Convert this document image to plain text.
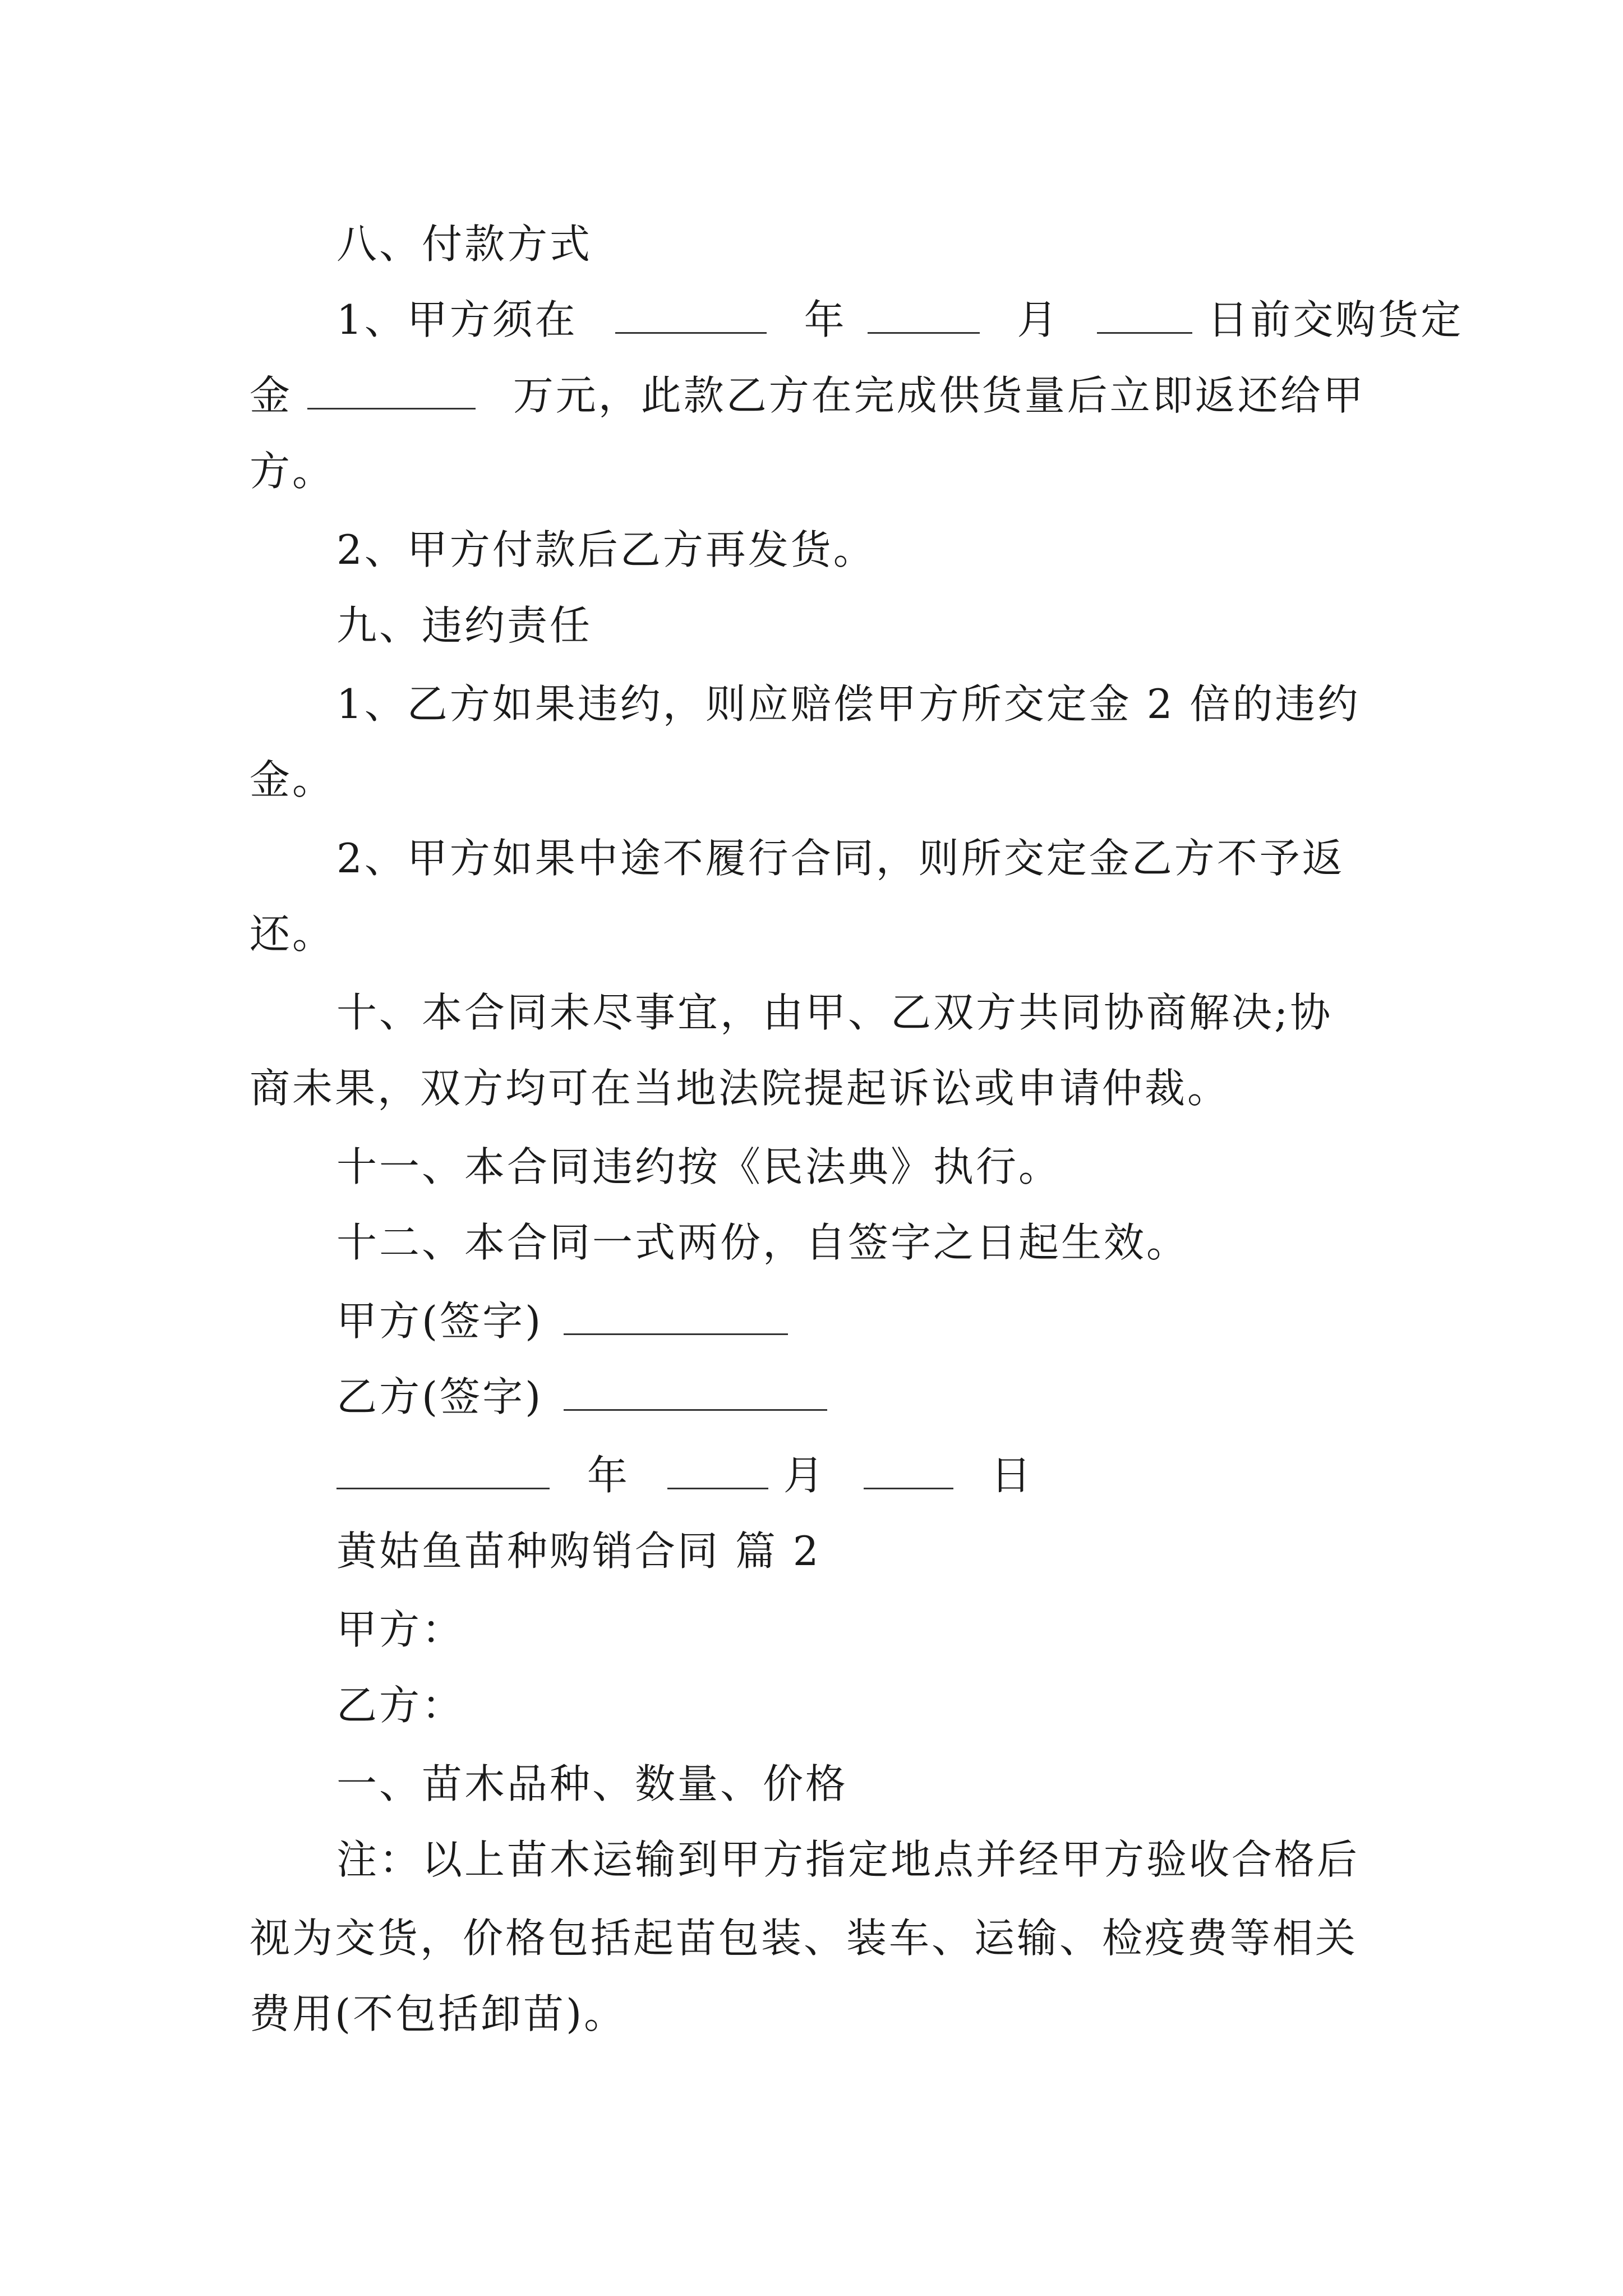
八、付款方式
1、甲方须在	年	月	日前交购货定
金	万元，此款乙方在完成供货量后立即返还给甲
方。
2、甲方付款后乙方再发货。
九、违约责任
1、乙方如果违约，则应赔偿甲方所交定金 2 倍的违约
金。
2、甲方如果中途不履行合同，则所交定金乙方不予返
还。
十、本合同未尽事宜，由甲、乙双方共同协商解决;协
商未果，双方均可在当地法院提起诉讼或申请仲裁。
十一、本合同违约按《民法典》执行。
十二、本合同一式两份，自签字之日起生效。
甲方(签字)
乙方(签字)
年	月	日
黄姑鱼苗种购销合同 篇 2
甲方：
乙方：
一、苗木品种、数量、价格
注：以上苗木运输到甲方指定地点并经甲方验收合格后
视为交货，价格包括起苗包装、装车、运输、检疫费等相关
费用(不包括卸苗)。
